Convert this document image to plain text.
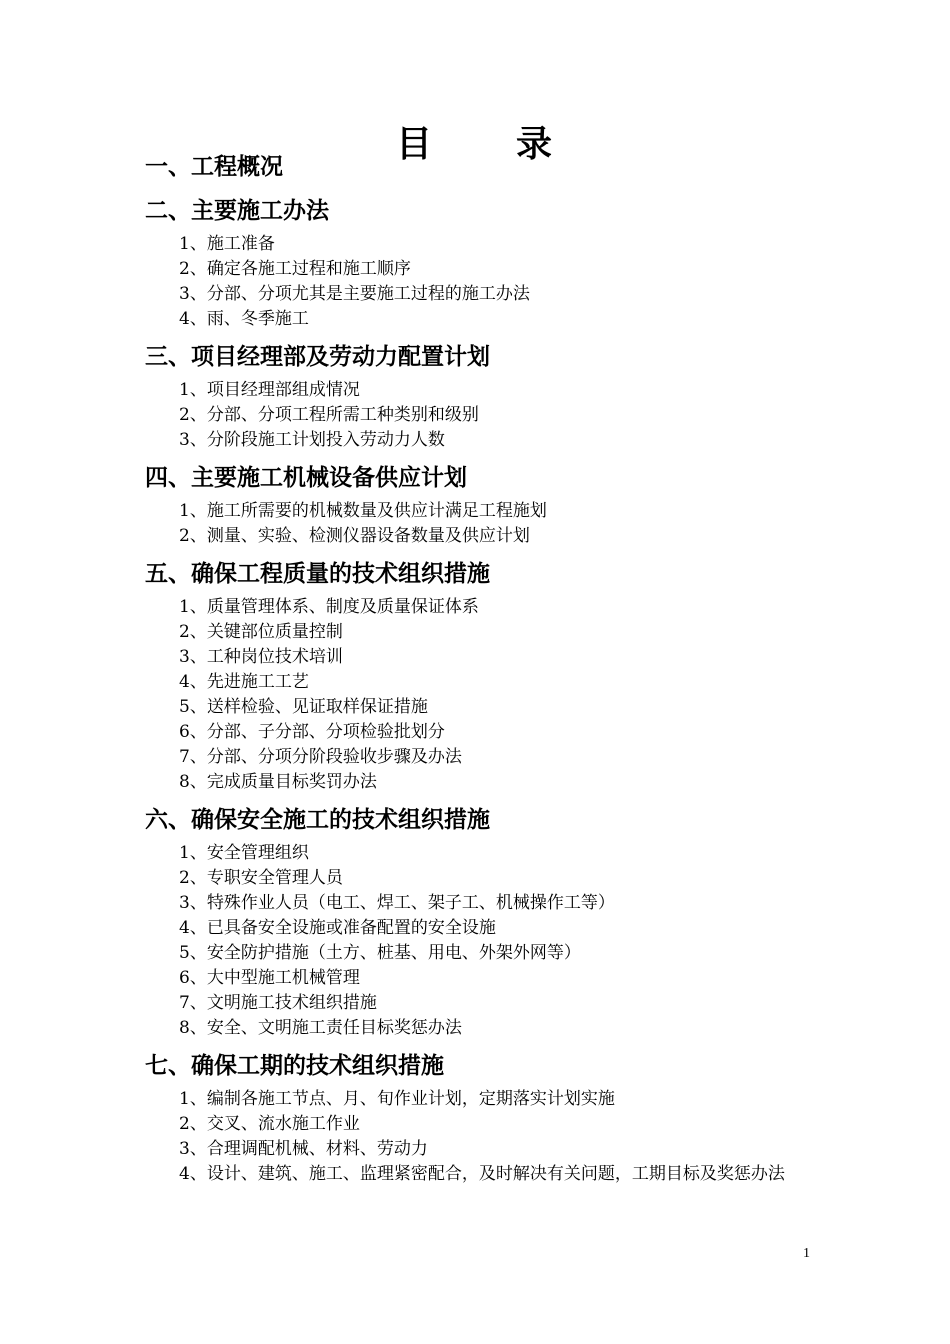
目 录
一、工程概况
二、主要施工办法
1、施工准备
2、确定各施工过程和施工顺序
3、分部、分项尤其是主要施工过程的施工办法
4、雨、冬季施工
三、项目经理部及劳动力配置计划
1、项目经理部组成情况
2、分部、分项工程所需工种类别和级别
3、分阶段施工计划投入劳动力人数
四、主要施工机械设备供应计划
1、施工所需要的机械数量及供应计满足工程施划
2、测量、实验、检测仪器设备数量及供应计划
五、确保工程质量的技术组织措施
1、质量管理体系、制度及质量保证体系
2、关键部位质量控制
3、工种岗位技术培训
4、先进施工工艺
5、送样检验、见证取样保证措施
6、分部、子分部、分项检验批划分
7、分部、分项分阶段验收步骤及办法
8、完成质量目标奖罚办法
六、确保安全施工的技术组织措施
1、安全管理组织
2、专职安全管理人员
3、特殊作业人员（电工、焊工、架子工、机械操作工等）
4、已具备安全设施或准备配置的安全设施
5、安全防护措施（土方、桩基、用电、外架外网等）
6、大中型施工机械管理
7、文明施工技术组织措施
8、安全、文明施工责任目标奖惩办法
七、确保工期的技术组织措施
1、编制各施工节点、月、旬作业计划，定期落实计划实施
2、交叉、流水施工作业
3、合理调配机械、材料、劳动力
4、设计、建筑、施工、监理紧密配合，及时解决有关问题，工期目标及奖惩办法
1
